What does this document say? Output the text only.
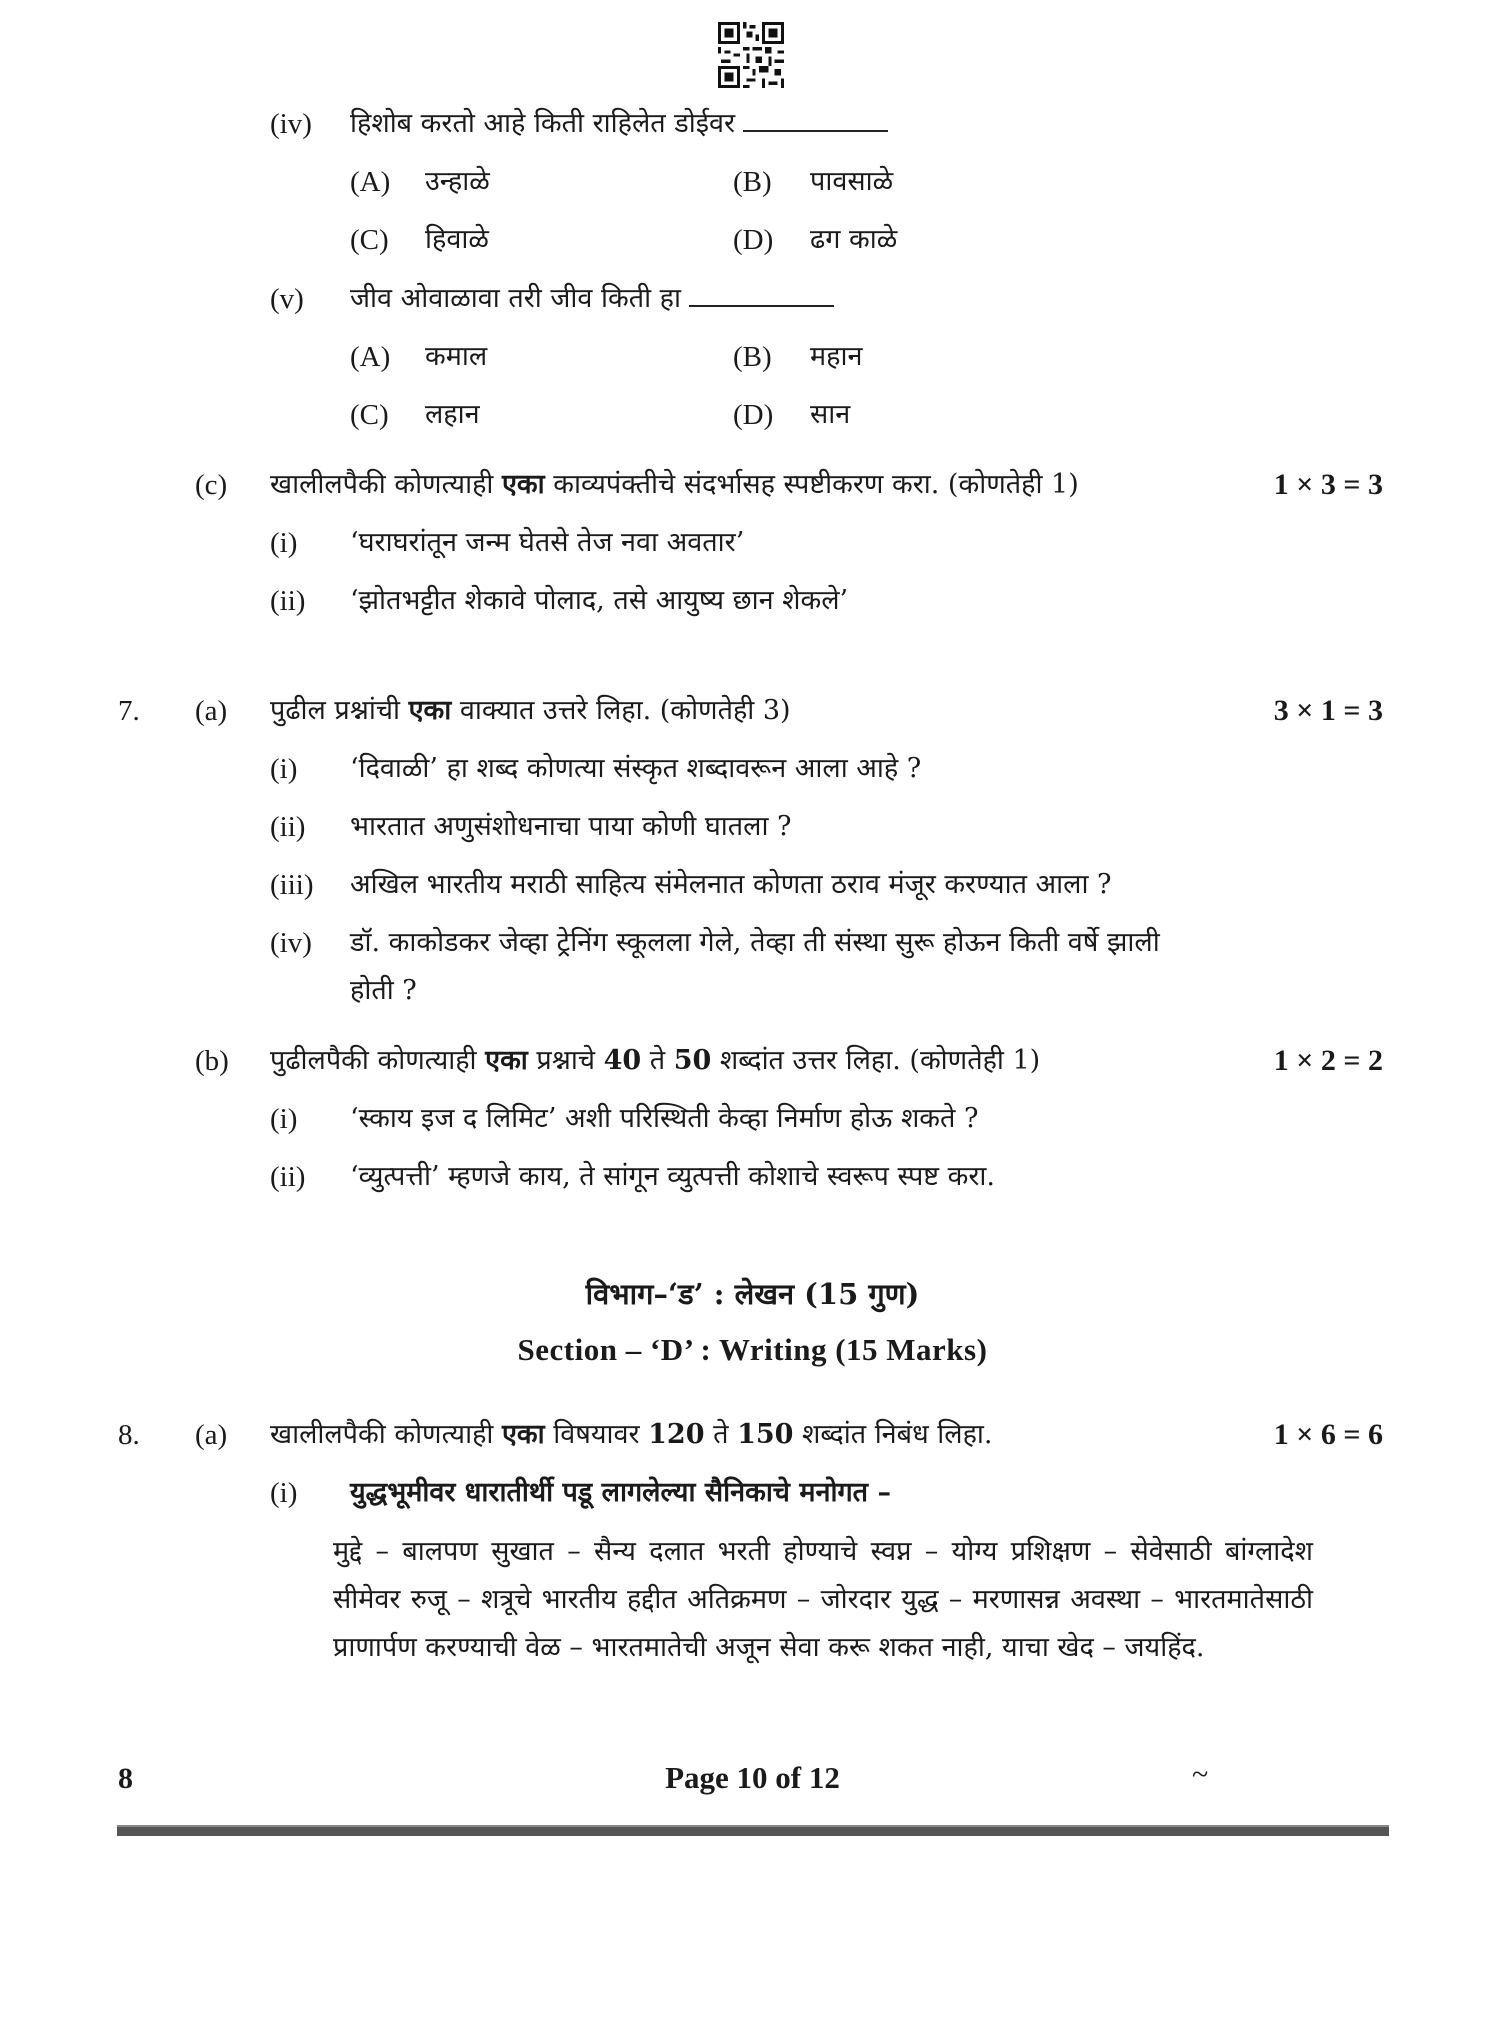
(iv) हिशोब करतो आहे किती राहिलेत डोईवर
(A) उन्हाळे	(B) पावसाळे
(C) हिवाळे	(D) ढग काळे
(v) जीव ओवाळावा तरी जीव किती हा
(A) कमाल	(B) महान
(C) लहान	(D) सान
(c) खालीलपैकी कोणत्याही एका काव्यपंक्तीचे संदर्भासह स्पष्टीकरण करा. (कोणतेही 1)	1 × 3 = 3
(i) ‘घराघरांतून जन्म घेतसे तेज नवा अवतार’
(ii) ‘झोतभट्टीत शेकावे पोलाद, तसे आयुष्य छान शेकले’
7. (a) पुढील प्रश्नांची एका वाक्यात उत्तरे लिहा. (कोणतेही 3)	3 × 1 = 3
(i) ‘दिवाळी’ हा शब्द कोणत्या संस्कृत शब्दावरून आला आहे ?
(ii) भारतात अणुसंशोधनाचा पाया कोणी घातला ?
(iii) अखिल भारतीय मराठी साहित्य संमेलनात कोणता ठराव मंजूर करण्यात आला ?
(iv) डॉ. काकोडकर जेव्हा ट्रेनिंग स्कूलला गेले, तेव्हा ती संस्था सुरू होऊन किती वर्षे झाली
होती ?
(b) पुढीलपैकी कोणत्याही एका प्रश्नाचे 40 ते 50 शब्दांत उत्तर लिहा. (कोणतेही 1)	1 × 2 = 2
(i) ‘स्काय इज द लिमिट’ अशी परिस्थिती केव्हा निर्माण होऊ शकते ?
(ii) ‘व्युत्पत्ती’ म्हणजे काय, ते सांगून व्युत्पत्ती कोशाचे स्वरूप स्पष्ट करा.
विभाग–‘ड’ : लेखन (15 गुण)
Section – ‘D’ : Writing (15 Marks)
8. (a) खालीलपैकी कोणत्याही एका विषयावर 120 ते 150 शब्दांत निबंध लिहा.	1 × 6 = 6
(i) युद्धभूमीवर धारातीर्थी पडू लागलेल्या सैनिकाचे मनोगत –
मुद्दे – बालपण सुखात – सैन्य दलात भरती होण्याचे स्वप्न – योग्य प्रशिक्षण – सेवेसाठी बांग्लादेश सीमेवर रुजू – शत्रूचे भारतीय हद्दीत अतिक्रमण – जोरदार युद्ध – मरणासन्न अवस्था – भारतमातेसाठी प्राणार्पण करण्याची वेळ – भारतमातेची अजून सेवा करू शकत नाही, याचा खेद – जयहिंद.
8	Page 10 of 12	~
